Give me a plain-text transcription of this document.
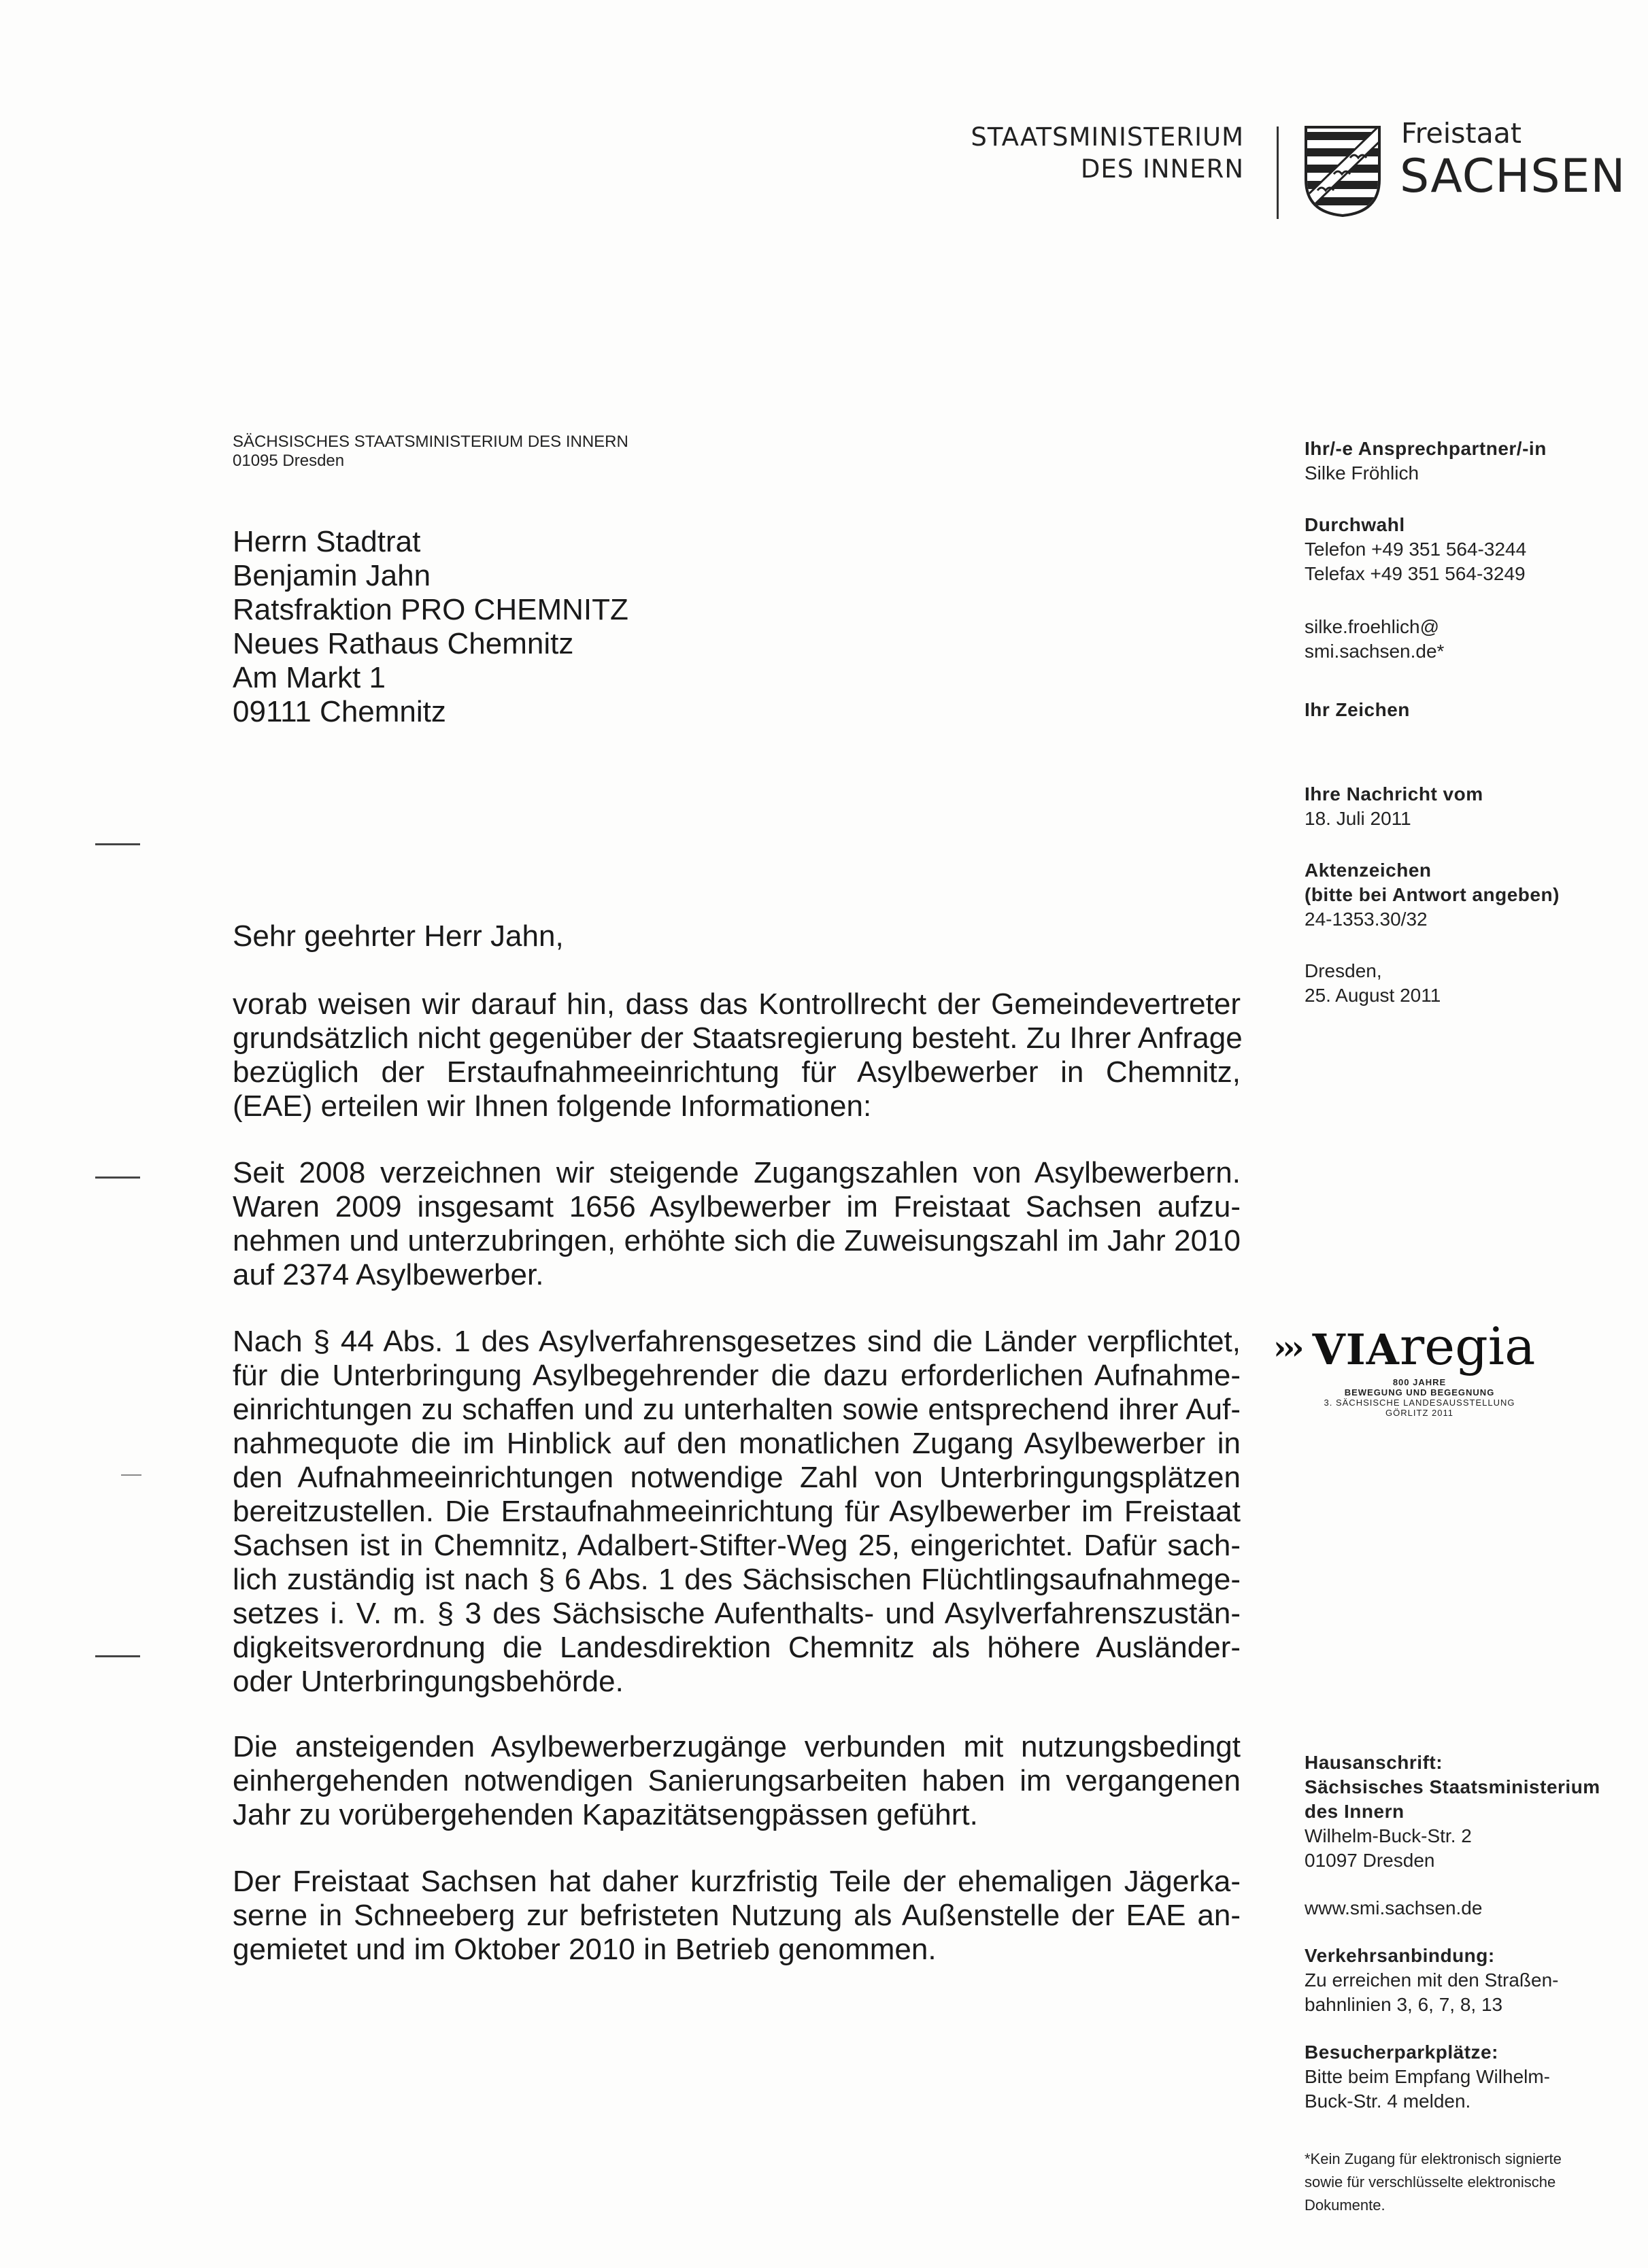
STAATSMINISTERIUM
DES INNERN
Freistaat
SACHSEN
SÄCHSISCHES STAATSMINISTERIUM DES INNERN
01095 Dresden
Herrn Stadtrat
Benjamin Jahn
Ratsfraktion PRO CHEMNITZ
Neues Rathaus Chemnitz
Am Markt 1
09111 Chemnitz
Ihr/-e Ansprechpartner/-in
Silke Fröhlich
Durchwahl
Telefon +49 351 564-3244
Telefax +49 351 564-3249
silke.froehlich@
smi.sachsen.de*
Ihr Zeichen
Ihre Nachricht vom
18. Juli 2011
Aktenzeichen
(bitte bei Antwort angeben)
24-1353.30/32
Dresden,
25. August 2011
Sehr geehrter Herr Jahn,
vorab weisen wir darauf hin, dass das Kontrollrecht der Gemeindevertreter
grundsätzlich nicht gegenüber der Staatsregierung besteht. Zu Ihrer Anfrage
bezüglich der Erstaufnahmeeinrichtung für Asylbewerber in Chemnitz,
(EAE) erteilen wir Ihnen folgende Informationen:
Seit 2008 verzeichnen wir steigende Zugangszahlen von Asylbewerbern.
Waren 2009 insgesamt 1656 Asylbewerber im Freistaat Sachsen aufzu-
nehmen und unterzubringen, erhöhte sich die Zuweisungszahl im Jahr 2010
auf 2374 Asylbewerber.
Nach § 44 Abs. 1 des Asylverfahrensgesetzes sind die Länder verpflichtet,
für die Unterbringung Asylbegehrender die dazu erforderlichen Aufnahme-
einrichtungen zu schaffen und zu unterhalten sowie entsprechend ihrer Auf-
nahmequote die im Hinblick auf den monatlichen Zugang Asylbewerber in
den Aufnahmeeinrichtungen notwendige Zahl von Unterbringungsplätzen
bereitzustellen. Die Erstaufnahmeeinrichtung für Asylbewerber im Freistaat
Sachsen ist in Chemnitz, Adalbert-Stifter-Weg 25, eingerichtet. Dafür sach-
lich zuständig ist nach § 6 Abs. 1 des Sächsischen Flüchtlingsaufnahmege-
setzes i. V. m. § 3 des Sächsische Aufenthalts- und Asylverfahrenszustän-
digkeitsverordnung die Landesdirektion Chemnitz als höhere Ausländer-
oder Unterbringungsbehörde.
Die ansteigenden Asylbewerberzugänge verbunden mit nutzungsbedingt
einhergehenden notwendigen Sanierungsarbeiten haben im vergangenen
Jahr zu vorübergehenden Kapazitätsengpässen geführt.
Der Freistaat Sachsen hat daher kurzfristig Teile der ehemaligen Jägerka-
serne in Schneeberg zur befristeten Nutzung als Außenstelle der EAE an-
gemietet und im Oktober 2010 in Betrieb genommen.
››› VIAregia
800 JAHRE
BEWEGUNG UND BEGEGNUNG
3. SÄCHSISCHE LANDESAUSSTELLUNG
GÖRLITZ 2011
Hausanschrift:
Sächsisches Staatsministerium
des Innern
Wilhelm-Buck-Str. 2
01097 Dresden
www.smi.sachsen.de
Verkehrsanbindung:
Zu erreichen mit den Straßen-
bahnlinien 3, 6, 7, 8, 13
Besucherparkplätze:
Bitte beim Empfang Wilhelm-
Buck-Str. 4 melden.
*Kein Zugang für elektronisch signierte
sowie für verschlüsselte elektronische
Dokumente.
